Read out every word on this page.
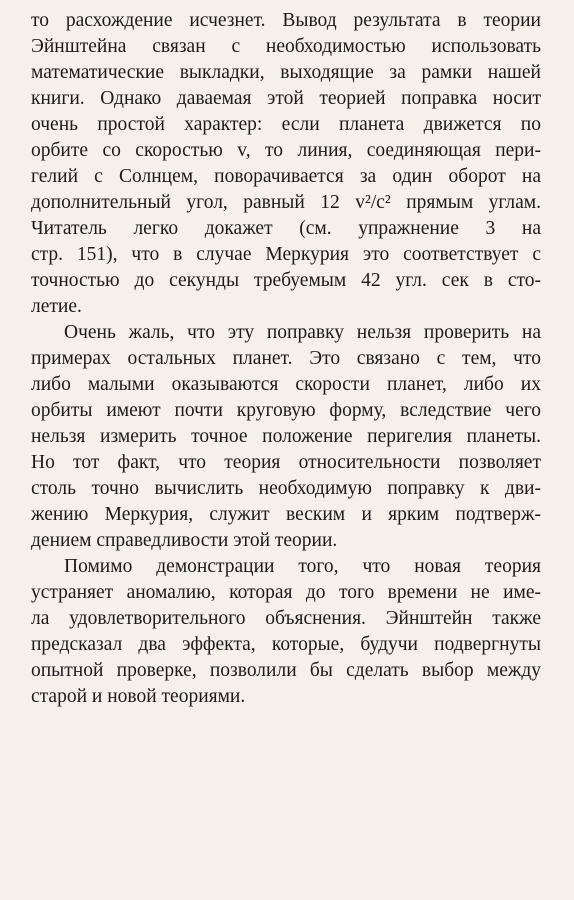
то расхождение исчезнет. Вывод результата в теории
Эйнштейна связан с необходимостью использовать
математические выкладки, выходящие за рамки нашей
книги. Однако даваемая этой теорией поправка носит
очень простой характер: если планета движется по
орбите со скоростью v, то линия, соединяющая пери-
гелий с Солнцем, поворачивается за один оборот на
дополнительный угол, равный 12 v²/c² прямым углам.
Читатель легко докажет (см. упражнение 3 на
стр. 151), что в случае Меркурия это соответствует с
точностью до секунды требуемым 42 угл. сек в сто-
летие.
Очень жаль, что эту поправку нельзя проверить на
примерах остальных планет. Это связано с тем, что
либо малыми оказываются скорости планет, либо их
орбиты имеют почти круговую форму, вследствие чего
нельзя измерить точное положение перигелия планеты.
Но тот факт, что теория относительности позволяет
столь точно вычислить необходимую поправку к дви-
жению Меркурия, служит веским и ярким подтверж-
дением справедливости этой теории.
Помимо демонстрации того, что новая теория
устраняет аномалию, которая до того времени не име-
ла удовлетворительного объяснения. Эйнштейн также
предсказал два эффекта, которые, будучи подвергнуты
опытной проверке, позволили бы сделать выбор между
старой и новой теориями.
